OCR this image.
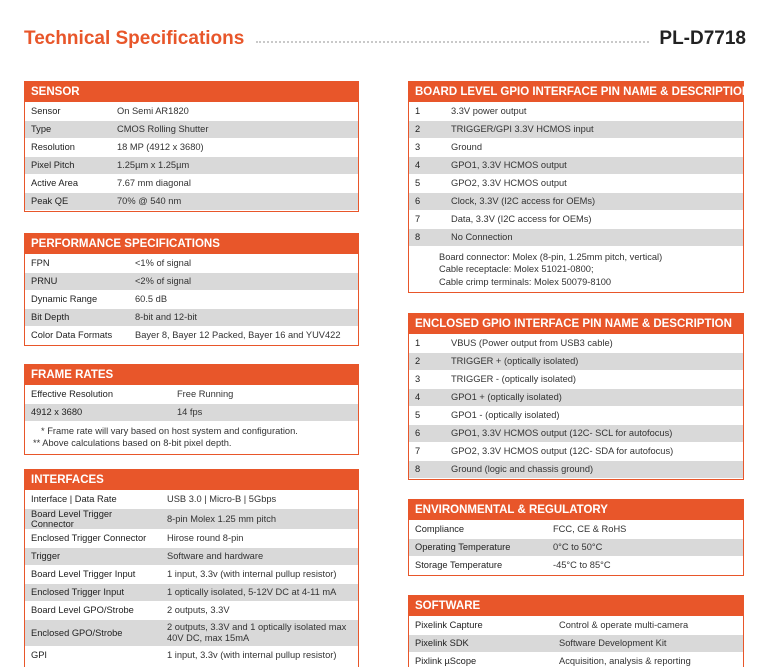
Technical Specifications	PL-D7718
SENSOR
Sensor	On Semi AR1820
Type	CMOS Rolling Shutter
Resolution	18 MP (4912 x 3680)
Pixel Pitch	1.25µm x 1.25µm
Active Area	7.67 mm diagonal
Peak QE	70% @ 540 nm
PERFORMANCE SPECIFICATIONS
FPN	<1% of signal
PRNU	<2% of signal
Dynamic Range	60.5 dB
Bit Depth	8-bit and 12-bit
Color Data Formats	Bayer 8, Bayer 12 Packed, Bayer 16 and YUV422
FRAME RATES
Effective Resolution	Free Running
4912 x 3680	14 fps
* Frame rate will vary based on host system and configuration.
** Above calculations based on 8-bit pixel depth.
INTERFACES
Interface | Data Rate	USB 3.0 | Micro-B | 5Gbps
Board Level Trigger Connector	8-pin Molex 1.25 mm pitch
Enclosed Trigger Connector	Hirose round 8-pin
Trigger	Software and hardware
Board Level Trigger Input	1 input, 3.3v (with internal pullup resistor)
Enclosed Trigger Input	1 optically isolated, 5-12V DC at 4-11 mA
Board Level GPO/Strobe	2 outputs, 3.3V
Enclosed GPO/Strobe	2 outputs, 3.3V and 1 optically isolated max 40V DC, max 15mA
GPI	1 input, 3.3v (with internal pullup resistor)
BOARD LEVEL GPIO INTERFACE PIN NAME & DESCRIPTION
1	3.3V power output
2	TRIGGER/GPI 3.3V HCMOS input
3	Ground
4	GPO1, 3.3V HCMOS output
5	GPO2, 3.3V HCMOS output
6	Clock, 3.3V (I2C access for OEMs)
7	Data, 3.3V (I2C access for OEMs)
8	No Connection
Board connector: Molex (8-pin, 1.25mm pitch, vertical)
Cable receptacle: Molex 51021-0800;
Cable crimp terminals: Molex 50079-8100
ENCLOSED GPIO INTERFACE PIN NAME & DESCRIPTION
1	VBUS (Power output from USB3 cable)
2	TRIGGER + (optically isolated)
3	TRIGGER - (optically isolated)
4	GPO1 + (optically isolated)
5	GPO1 - (optically isolated)
6	GPO1, 3.3V HCMOS output (12C- SCL for autofocus)
7	GPO2, 3.3V HCMOS output (12C- SDA for autofocus)
8	Ground (logic and chassis ground)
ENVIRONMENTAL & REGULATORY
Compliance	FCC, CE & RoHS
Operating Temperature	0°C to 50°C
Storage Temperature	-45°C to 85°C
SOFTWARE
Pixelink Capture	Control & operate multi-camera
Pixelink SDK	Software Development Kit
Pixlink µScope	Acquisition, analysis & reporting
